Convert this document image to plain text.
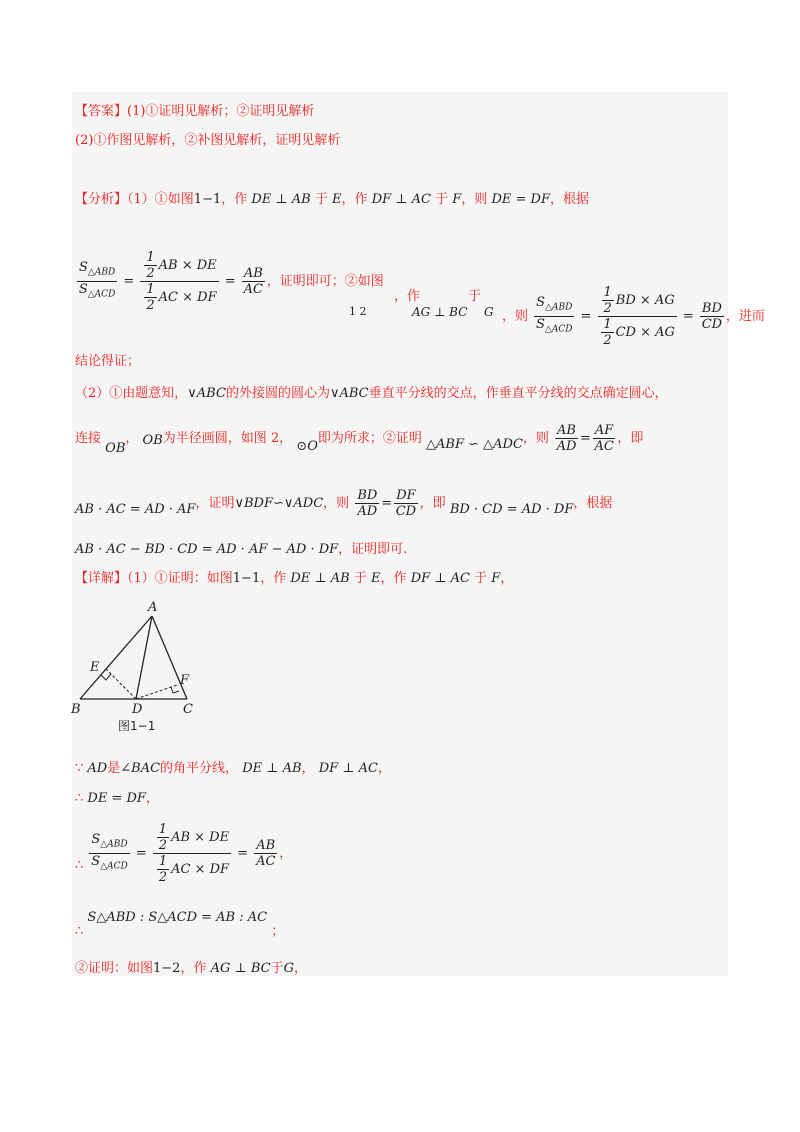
【答案】(1)①证明见解析；②证明见解析
(2)①作图见解析，②补图见解析，证明见解析
【分析】（1）①如图1−1，作 DE ⊥ AB 于 E，作 DF ⊥ AC 于 F，则 DE = DF，根据
$\frac{S_{\triangle ABD}}{S_{\triangle ACD}} = \frac{\frac{1}{2} AB \times DE}{\frac{1}{2} AC \times DF} = \frac{AB}{AC}$ ，证明即可；②如图
1 2
，作
AG ⊥ BC
于
G ，则 $\frac{S_{\triangle ABD}}{S_{\triangle ACD}} = \frac{\frac{1}{2} BD \times AG}{\frac{1}{2} CD \times AG} = \frac{BD}{CD}$ ，进而
结论得证；
（2）①由题意知，∨ABC的外接圆的圆心为∨ABC垂直平分线的交点，作垂直平分线的交点确定圆心，
连接 OB， OB为半径画圆，如图 2， ⊙O即为所求；②证明 △ABF ∽ △ADC，则 $\frac{AB}{AD} = \frac{AF}{AC}$ ，即
AB · AC = AD · AF，证明∨BDF∽∨ADC，则 $\frac{BD}{AD} = \frac{DF}{CD}$ ，即 BD · CD = AD · DF，根据
AB · AC − BD · CD = AD · AF − AD · DF，证明即可.
【详解】（1）①证明：如图1−1，作 DE ⊥ AB 于 E，作 DF ⊥ AC 于 F，
A
B	C
D
E
F
图1−1
∵ AD是∠BAC的角平分线， DE ⊥ AB， DF ⊥ AC，
∴ DE = DF，
∴ $\frac{S_{\triangle ABD}}{S_{\triangle ACD}} = \frac{\frac{1}{2} AB \times DE}{\frac{1}{2} AC \times DF} = \frac{AB}{AC}$ ，
∴ S△ABD : S△ACD = AB : AC ；
②证明：如图1−2，作 AG ⊥ BC于G，
